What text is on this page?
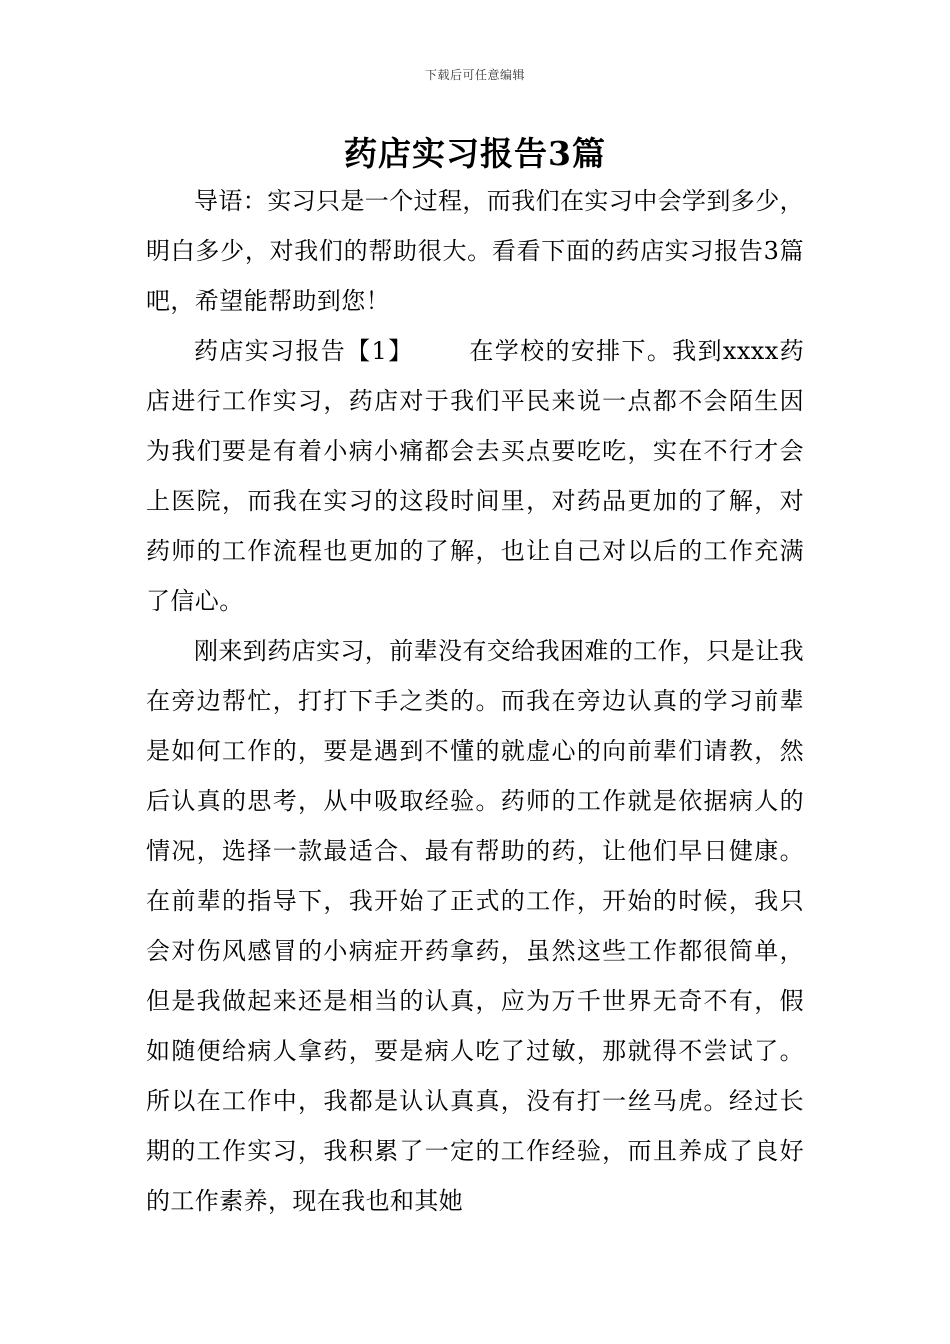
下载后可任意编辑
药店实习报告3篇

导语：实习只是一个过程，而我们在实习中会学到多少，明白多少，对我们的帮助很大。看看下面的药店实习报告3篇吧，希望能帮助到您！

药店实习报告【1】 在学校的安排下。我到xxxx药店进行工作实习，药店对于我们平民来说一点都不会陌生因为我们要是有着小病小痛都会去买点要吃吃，实在不行才会上医院，而我在实习的这段时间里，对药品更加的了解，对药师的工作流程也更加的了解，也让自己对以后的工作充满了信心。

刚来到药店实习，前辈没有交给我困难的工作，只是让我在旁边帮忙，打打下手之类的。而我在旁边认真的学习前辈是如何工作的，要是遇到不懂的就虚心的向前辈们请教，然后认真的思考，从中吸取经验。药师的工作就是依据病人的情况，选择一款最适合、最有帮助的药，让他们早日健康。在前辈的指导下，我开始了正式的工作，开始的时候，我只会对伤风感冒的小病症开药拿药，虽然这些工作都很简单，但是我做起来还是相当的认真，应为万千世界无奇不有，假如随便给病人拿药，要是病人吃了过敏，那就得不尝试了。所以在工作中，我都是认认真真，没有打一丝马虎。经过长期的工作实习，我积累了一定的工作经验，而且养成了良好的工作素养，现在我也和其她
